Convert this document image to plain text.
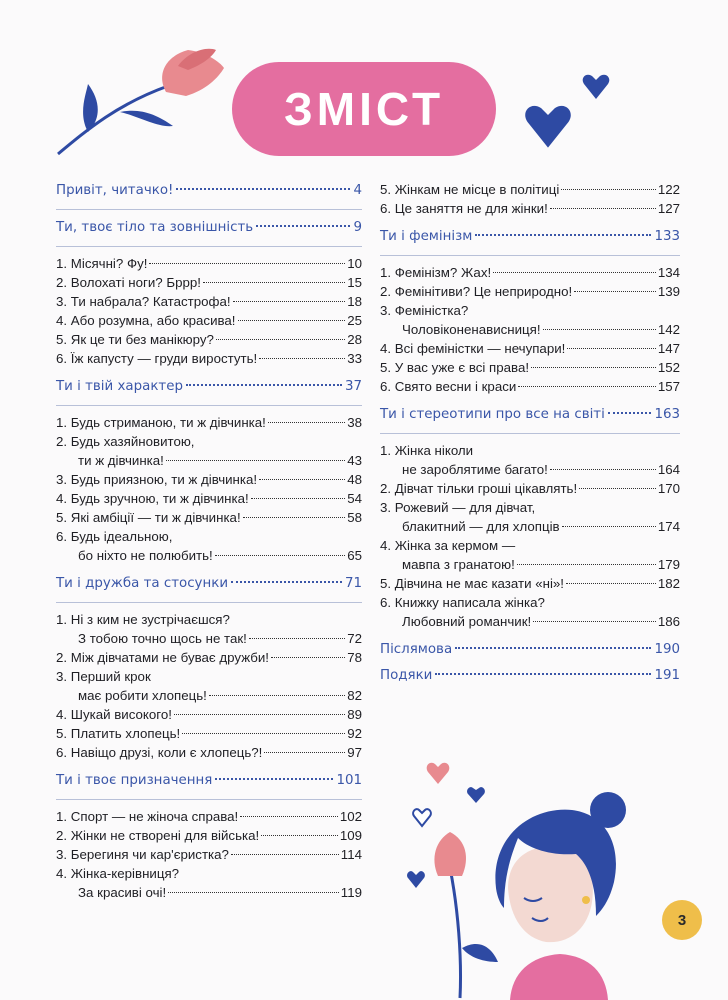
ЗМІСТ
Привіт, читачко!	4
Ти, твоє тіло та зовнішність	9
1. Місячні? Фу!	10
2. Волохаті ноги? Бррр!	15
3. Ти набрала? Катастрофа!	18
4. Або розумна, або красива!	25
5. Як це ти без манікюру?	28
6. Їж капусту — груди виростуть!	33
Ти і твій характер	37
1. Будь стриманою, ти ж дівчинка!	38
2. Будь хазяйновитою,
ти ж дівчинка!	43
3. Будь приязною, ти ж дівчинка!	48
4. Будь зручною, ти ж дівчинка!	54
5. Які амбіції — ти ж дівчинка!	58
6. Будь ідеальною,
бо ніхто не полюбить!	65
Ти і дружба та стосунки	71
1. Ні з ким не зустрічаєшся?
З тобою точно щось не так!	72
2. Між дівчатами не буває дружби!	78
3. Перший крок
має робити хлопець!	82
4. Шукай високого!	89
5. Платить хлопець!	92
6. Навіщо друзі, коли є хлопець?!	97
Ти і твоє призначення	101
1. Спорт — не жіноча справа!	102
2. Жінки не створені для війська!	109
3. Берегиня чи кар'єристка?	114
4. Жінка-керівниця?
За красиві очі!	119
5. Жінкам не місце в політиці	122
6. Це заняття не для жінки!	127
Ти і фемінізм	133
1. Фемінізм? Жах!	134
2. Фемінітиви? Це неприродно!	139
3. Феміністка?
Чоловіконенависниця!	142
4. Всі феміністки — нечупари!	147
5. У вас уже є всі права!	152
6. Свято весни і краси	157
Ти і стереотипи про все на світі	163
1. Жінка ніколи
не зароблятиме багато!	164
2. Дівчат тільки гроші цікавлять!	170
3. Рожевий — для дівчат,
блакитний — для хлопців	174
4. Жінка за кермом —
мавпа з гранатою!	179
5. Дівчина не має казати «ні»!	182
6. Книжку написала жінка?
Любовний романчик!	186
Післямова	190
Подяки	191
3
